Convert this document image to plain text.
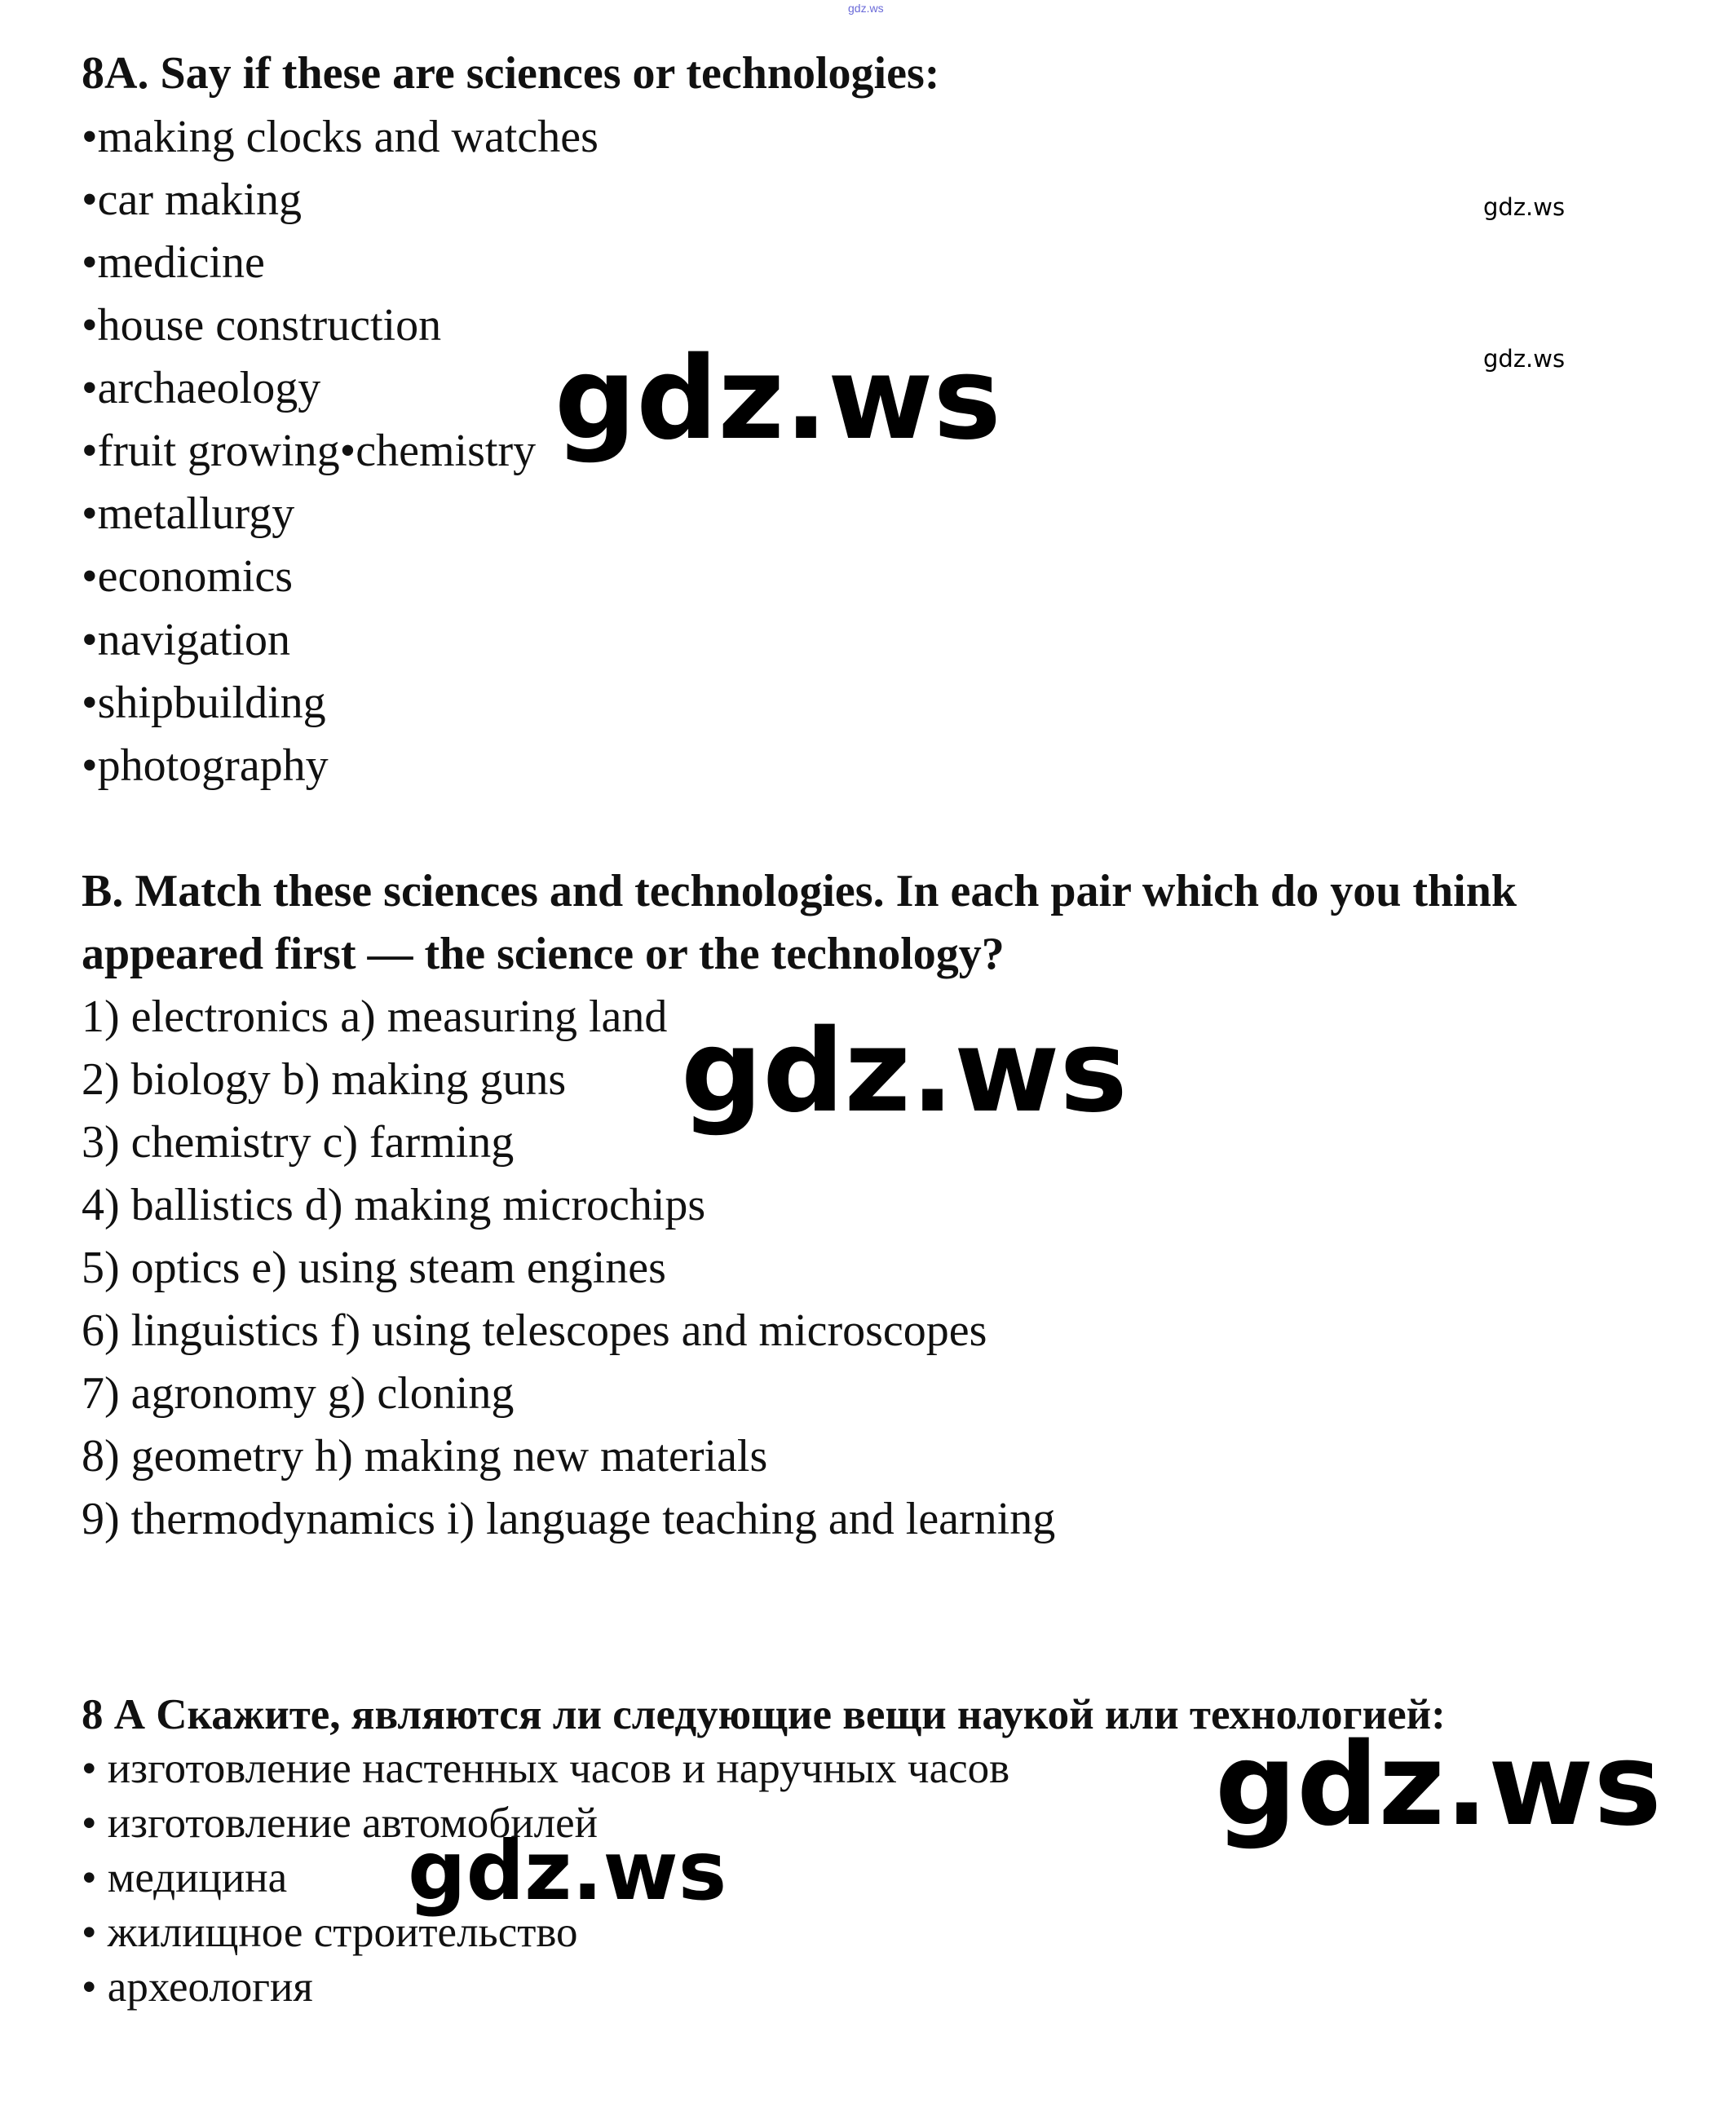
gdz.ws
8A. Say if these are sciences or technologies:
•making clocks and watches
•car making
•medicine
•house construction
•archaeology
•fruit growing•chemistry
•metallurgy
•economics
•navigation
•shipbuilding
•photography
B. Match these sciences and technologies. In each pair which do you think
appeared first — the science or the technology?
1) electronics a) measuring land
2) biology b) making guns
3) chemistry c) farming
4) ballistics d) making microchips
5) optics e) using steam engines
6) linguistics f) using telescopes and microscopes
7) agronomy g) cloning
8) geometry h) making new materials
9) thermodynamics i) language teaching and learning
8 А Скажите, являются ли следующие вещи наукой или технологией:
• изготовление настенных часов и наручных часов
• изготовление автомобилей
• медицина
• жилищное строительство
• археология
gdz.ws
gdz.ws
gdz.ws
gdz.ws
gdz.ws
gdz.ws
